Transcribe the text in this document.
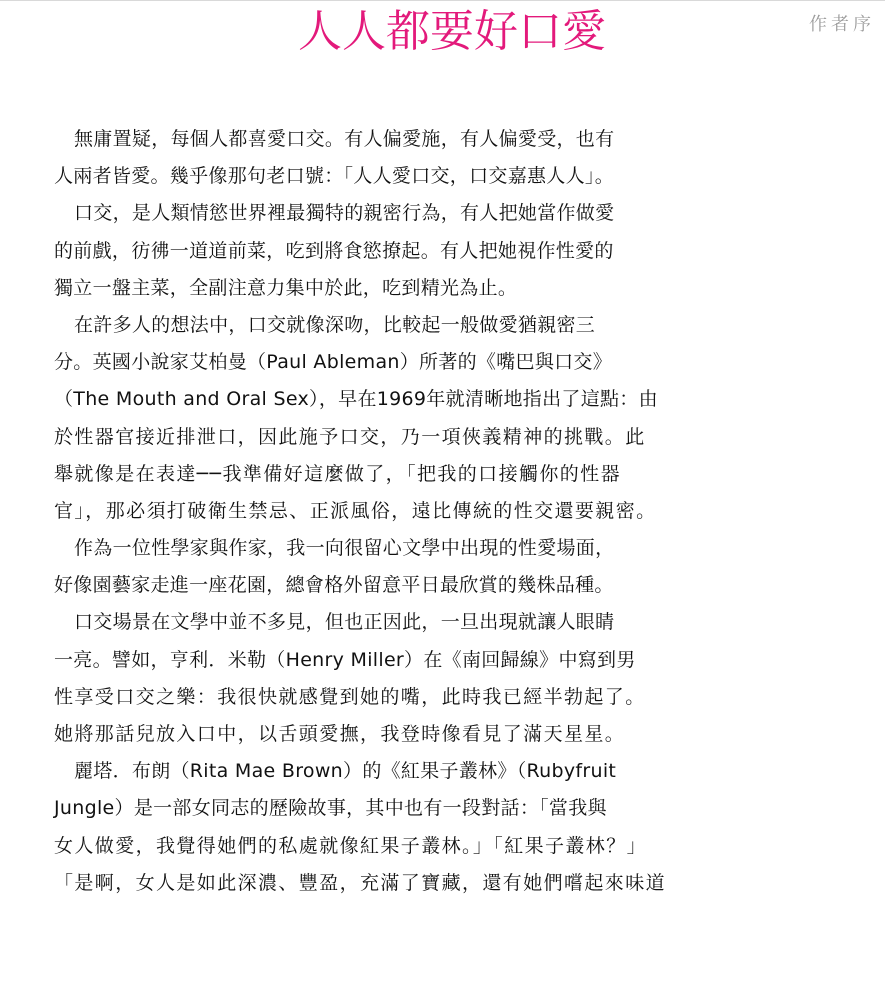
人人都要好口愛	作者序

無庸置疑，每個人都喜愛口交。有人偏愛施，有人偏愛受，也有
人兩者皆愛。幾乎像那句老口號：「人人愛口交，口交嘉惠人人」。

口交，是人類情慾世界裡最獨特的親密行為，有人把她當作做愛
的前戲，彷彿一道道前菜，吃到將食慾撩起。有人把她視作性愛的
獨立一盤主菜，全副注意力集中於此，吃到精光為止。

在許多人的想法中，口交就像深吻，比較起一般做愛猶親密三
分。英國小說家艾柏曼（Paul Ableman）所著的《嘴巴與口交》
（The Mouth and Oral Sex），早在1969年就清晰地指出了這點：由
於性器官接近排泄口，因此施予口交，乃一項俠義精神的挑戰。此
舉就像是在表達──我準備好這麼做了，「把我的口接觸你的性器
官」，那必須打破衛生禁忌、正派風俗，遠比傳統的性交還要親密。

作為一位性學家與作家，我一向很留心文學中出現的性愛場面，
好像園藝家走進一座花園，總會格外留意平日最欣賞的幾株品種。

口交場景在文學中並不多見，但也正因此，一旦出現就讓人眼睛
一亮。譬如，亨利．米勒（Henry Miller）在《南回歸線》中寫到男
性享受口交之樂：我很快就感覺到她的嘴，此時我已經半勃起了。
她將那話兒放入口中，以舌頭愛撫，我登時像看見了滿天星星。

麗塔．布朗（Rita Mae Brown）的《紅果子叢林》（Rubyfruit
Jungle）是一部女同志的歷險故事，其中也有一段對話：「當我與
女人做愛，我覺得她們的私處就像紅果子叢林。」「紅果子叢林？」
「是啊，女人是如此深濃、豐盈，充滿了寶藏，還有她們嚐起來味道
